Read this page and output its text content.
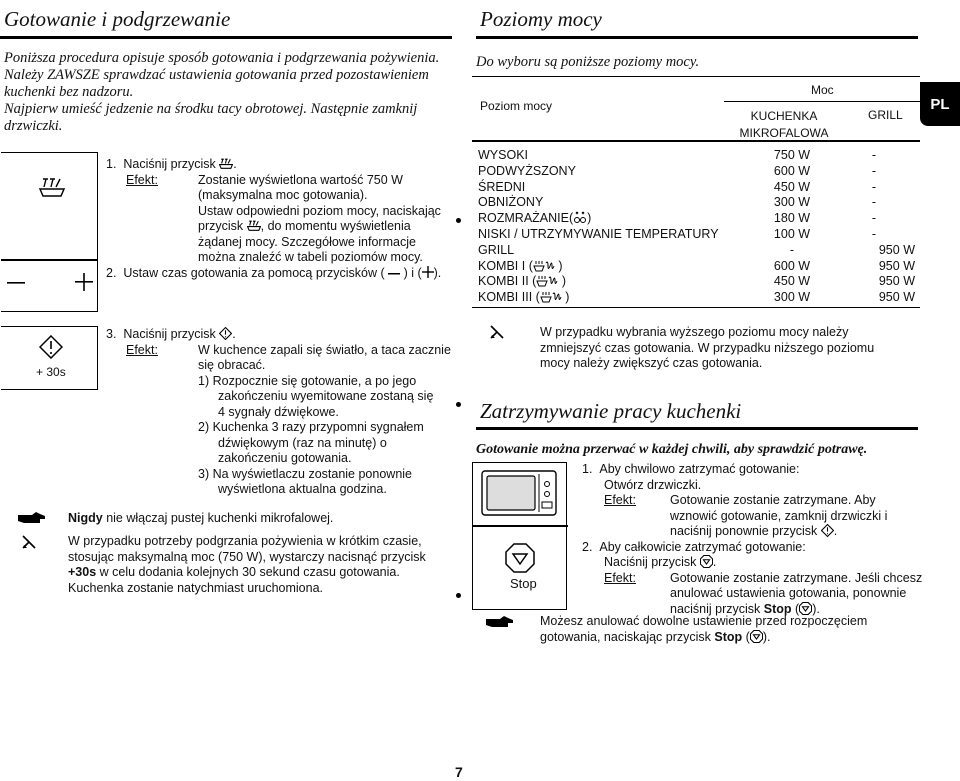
Gotowanie i podgrzewanie
Poniższa procedura opisuje sposób gotowania i podgrzewania pożywienia.
Należy ZAWSZE sprawdzać ustawienia gotowania przed pozostawieniem
kuchenki bez nadzoru.
Najpierw umieść jedzenie na środku tacy obrotowej. Następnie zamknij
drzwiczki.
1. Naciśnij przycisk .
Efekt:	Zostanie wyświetlona wartość 750 W
(maksymalna moc gotowania).
Ustaw odpowiedni poziom mocy, naciskając
przycisk , do momentu wyświetlenia
żądanej mocy. Szczegółowe informacje
można znaleźć w tabeli poziomów mocy.
2. Ustaw czas gotowania za pomocą przycisków ( ) i ( ).
+ 30s
3. Naciśnij przycisk .
Efekt:	W kuchence zapali się światło, a taca zacznie
się obracać.
1) Rozpocznie się gotowanie, a po jego
zakończeniu wyemitowane zostaną się
4 sygnały dźwiękowe.
2) Kuchenka 3 razy przypomni sygnałem
dźwiękowym (raz na minutę) o
zakończeniu gotowania.
3) Na wyświetlaczu zostanie ponownie
wyświetlona aktualna godzina.
Nigdy nie włączaj pustej kuchenki mikrofalowej.
W przypadku potrzeby podgrzania pożywienia w krótkim czasie,
stosując maksymalną moc (750 W), wystarczy nacisnąć przycisk
+30s w celu dodania kolejnych 30 sekund czasu gotowania.
Kuchenka zostanie natychmiast uruchomiona.
Poziomy mocy
PL
Do wyboru są poniższe poziomy mocy.
Poziom mocy
Moc
KUCHENKA
MIKROFALOWA
GRILL
WYSOKI	750 W	-
PODWYŻSZONY	600 W	-
ŚREDNI	450 W	-
OBNIŻONY	300 W	-
ROZMRAŻANIE( )	180 W	-
NISKI / UTRZYMYWANIE TEMPERATURY	100 W	-
GRILL	-	950 W
KOMBI I ( )	600 W	950 W
KOMBI II ( )	450 W	950 W
KOMBI III ( )	300 W	950 W
W przypadku wybrania wyższego poziomu mocy należy
zmniejszyć czas gotowania. W przypadku niższego poziomu
mocy należy zwiększyć czas gotowania.
Zatrzymywanie pracy kuchenki
Gotowanie można przerwać w każdej chwili, aby sprawdzić potrawę.
Stop
1. Aby chwilowo zatrzymać gotowanie:
Otwórz drzwiczki.
Efekt:	Gotowanie zostanie zatrzymane. Aby
wznowić gotowanie, zamknij drzwiczki i
naciśnij ponownie przycisk .
2. Aby całkowicie zatrzymać gotowanie:
Naciśnij przycisk .
Efekt:	Gotowanie zostanie zatrzymane. Jeśli chcesz
anulować ustawienia gotowania, ponownie
naciśnij przycisk Stop ( ).
Możesz anulować dowolne ustawienie przed rozpoczęciem
gotowania, naciskając przycisk Stop ( ).
7
